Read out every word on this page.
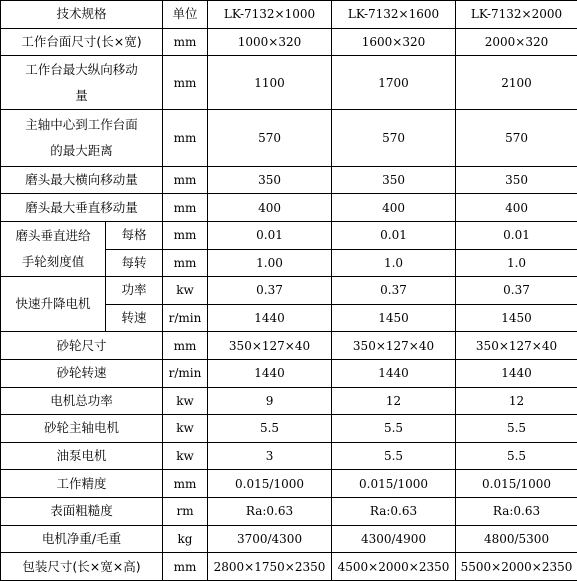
技术规格		单位	LK-7132×1000	LK-7132×1600	LK-7132×2000
工作台面尺寸(长×宽)		mm	1000×320	1600×320	2000×320

工作台最大纵向移动
量		mm	1100	1700	2100

主轴中心到工作台面
的最大距离		mm	570	570	570
磨头最大横向移动量		mm	350	350	350
磨头最大垂直移动量		mm	400	400	400

磨头垂直进给
手轮刻度值	每格	mm	0.01	0.01	0.01
	每转	mm	1.00	1.0	1.0
快速升降电机	功率	kw	0.37	0.37	0.37
	转速	r/min	1440	1450	1450
砂轮尺寸		mm	350×127×40	350×127×40	350×127×40
砂轮转速		r/min	1440	1440	1440
电机总功率		kw	9	12	12
砂轮主轴电机		kw	5.5	5.5	5.5
油泵电机		kw	3	5.5	5.5
工作精度		mm	0.015/1000	0.015/1000	0.015/1000
表面粗糙度		rm	Ra:0.63	Ra:0.63	Ra:0.63
电机净重/毛重		kg	3700/4300	4300/4900	4800/5300
包装尺寸(长×宽×高)		mm	2800×1750×2350	4500×2000×2350	5500×2000×2350
